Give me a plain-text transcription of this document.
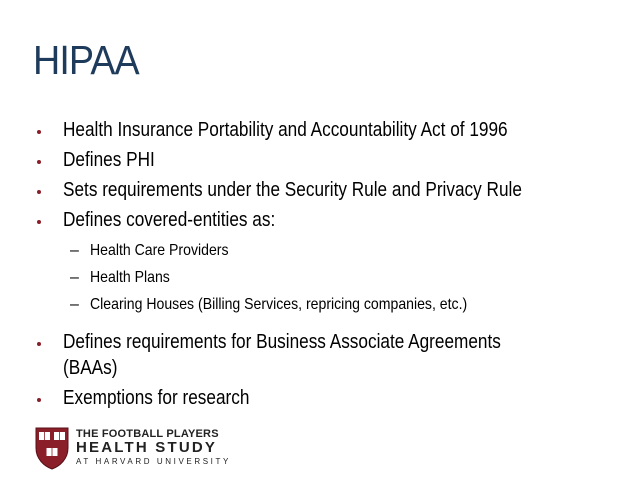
HIPAA
Health Insurance Portability and Accountability Act of 1996
Defines PHI
Sets requirements under the Security Rule and Privacy Rule
Defines covered-entities as:
– Health Care Providers
– Health Plans
– Clearing Houses (Billing Services, repricing companies, etc.)
Defines requirements for Business Associate Agreements
(BAAs)
Exemptions for research
THE FOOTBALL PLAYERS
HEALTH STUDY
AT HARVARD UNIVERSITY
